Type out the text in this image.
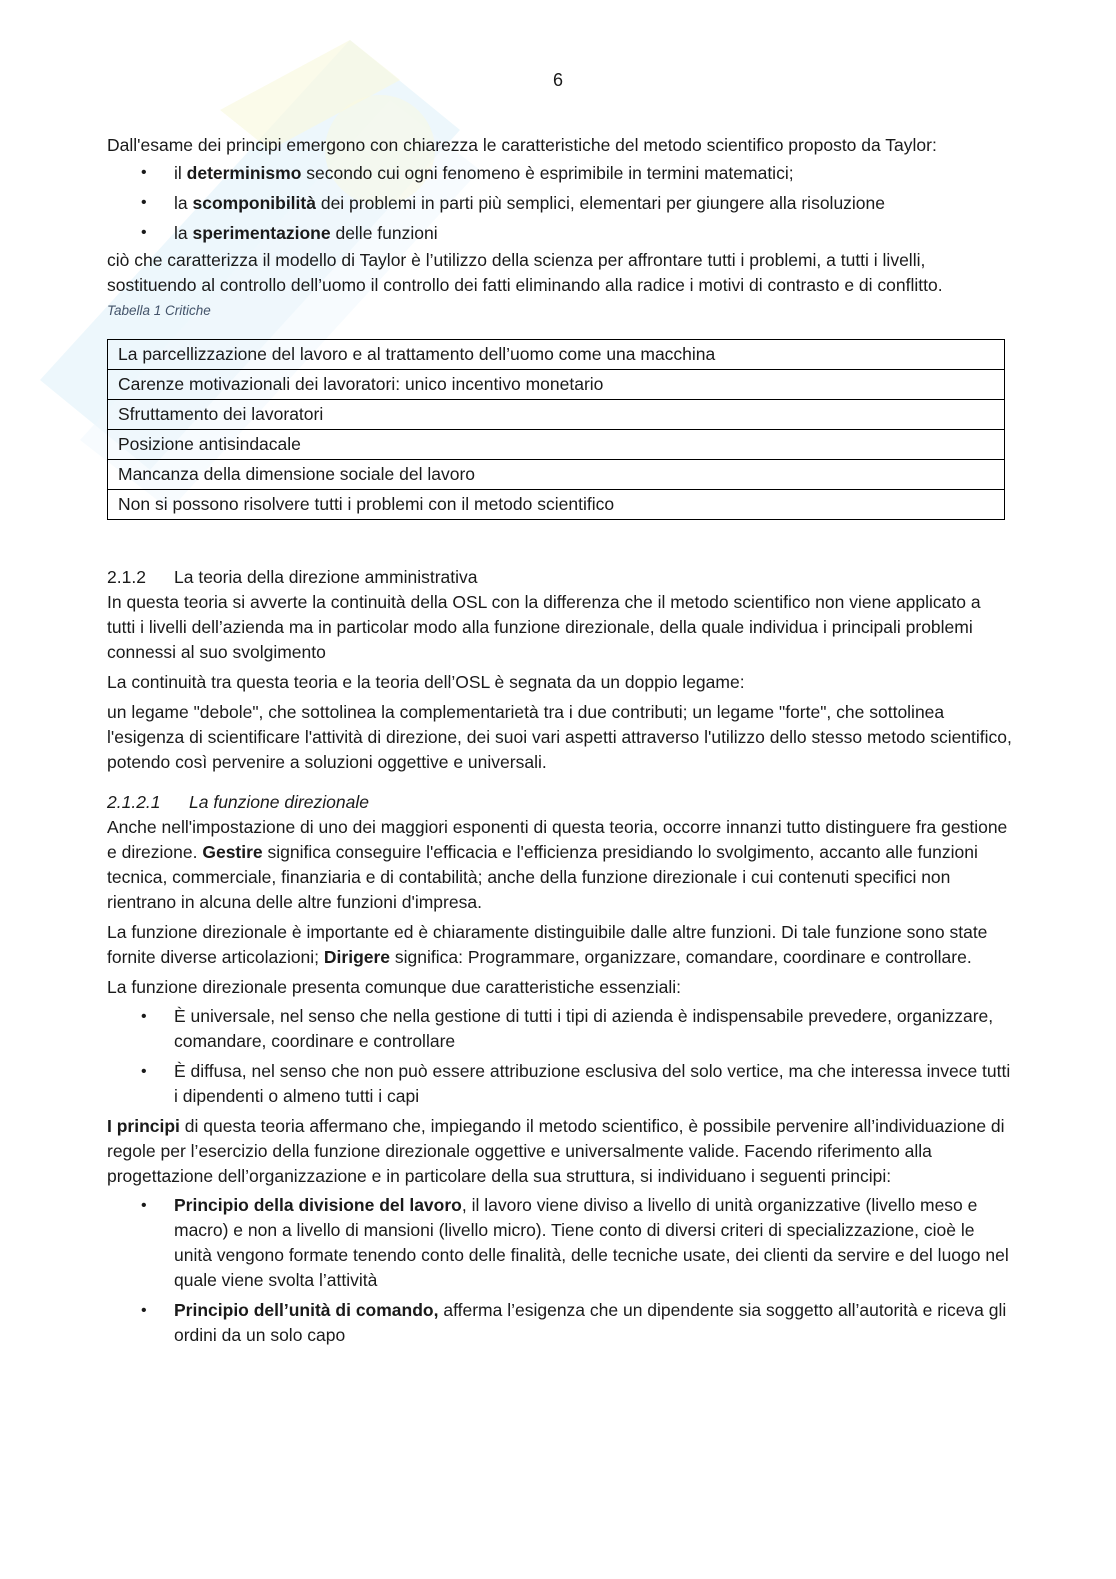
6

Dall'esame dei principi emergono con chiarezza le caratteristiche del metodo scientifico proposto da Taylor:

• il determinismo secondo cui ogni fenomeno è esprimibile in termini matematici;
• la scomponibilità dei problemi in parti più semplici, elementari per giungere alla risoluzione
• la sperimentazione delle funzioni

ciò che caratterizza il modello di Taylor è l’utilizzo della scienza per affrontare tutti i problemi, a tutti i livelli, sostituendo al controllo dell’uomo il controllo dei fatti eliminando alla radice i motivi di contrasto e di conflitto.

Tabella 1 Critiche
La parcellizzazione del lavoro e al trattamento dell’uomo come una macchina
Carenze motivazionali dei lavoratori: unico incentivo monetario
Sfruttamento dei lavoratori
Posizione antisindacale
Mancanza della dimensione sociale del lavoro
Non si possono risolvere tutti i problemi con il metodo scientifico
2.1.2 La teoria della direzione amministrativa

In questa teoria si avverte la continuità della OSL con la differenza che il metodo scientifico non viene applicato a tutti i livelli dell’azienda ma in particolar modo alla funzione direzionale, della quale individua i principali problemi connessi al suo svolgimento

La continuità tra questa teoria e la teoria dell’OSL è segnata da un doppio legame:

un legame "debole", che sottolinea la complementarietà tra i due contributi; un legame "forte", che sottolinea l'esigenza di scientificare l'attività di direzione, dei suoi vari aspetti attraverso l'utilizzo dello stesso metodo scientifico, potendo così pervenire a soluzioni oggettive e universali.

2.1.2.1 La funzione direzionale

Anche nell'impostazione di uno dei maggiori esponenti di questa teoria, occorre innanzi tutto distinguere fra gestione e direzione. Gestire significa conseguire l'efficacia e l'efficienza presidiando lo svolgimento, accanto alle funzioni tecnica, commerciale, finanziaria e di contabilità; anche della funzione direzionale i cui contenuti specifici non rientrano in alcuna delle altre funzioni d'impresa.

La funzione direzionale è importante ed è chiaramente distinguibile dalle altre funzioni. Di tale funzione sono state fornite diverse articolazioni; Dirigere significa: Programmare, organizzare, comandare, coordinare e controllare.

La funzione direzionale presenta comunque due caratteristiche essenziali:

• È universale, nel senso che nella gestione di tutti i tipi di azienda è indispensabile prevedere, organizzare, comandare, coordinare e controllare
• È diffusa, nel senso che non può essere attribuzione esclusiva del solo vertice, ma che interessa invece tutti i dipendenti o almeno tutti i capi

I principi di questa teoria affermano che, impiegando il metodo scientifico, è possibile pervenire all’individuazione di regole per l’esercizio della funzione direzionale oggettive e universalmente valide. Facendo riferimento alla progettazione dell’organizzazione e in particolare della sua struttura, si individuano i seguenti principi:

• Principio della divisione del lavoro, il lavoro viene diviso a livello di unità organizzative (livello meso e macro) e non a livello di mansioni (livello micro). Tiene conto di diversi criteri di specializzazione, cioè le unità vengono formate tenendo conto delle finalità, delle tecniche usate, dei clienti da servire e del luogo nel quale viene svolta l’attività
• Principio dell’unità di comando, afferma l’esigenza che un dipendente sia soggetto all’autorità e riceva gli ordini da un solo capo
